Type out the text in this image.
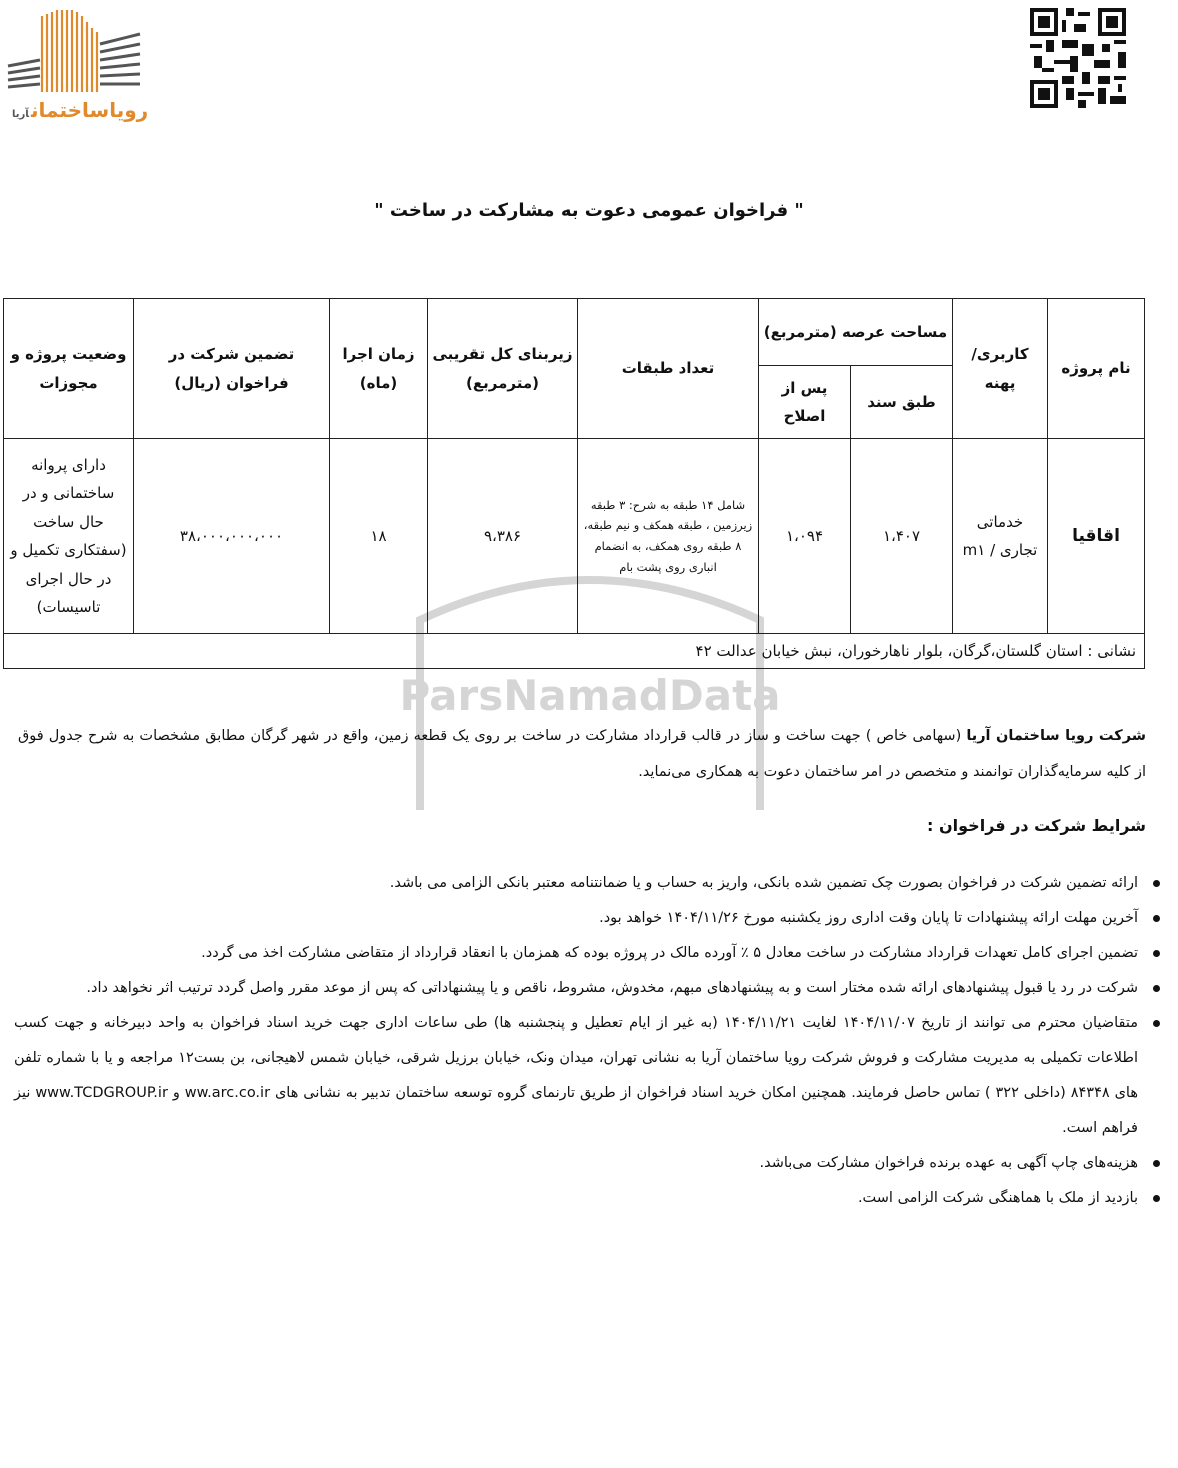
رویاساختمانآریا
" فراخوان عمومی دعوت به مشارکت در ساخت "
ParsNamadData
نام پروژه	کاربری/ پهنه	مساحت عرصه (مترمربع)		تعداد طبقات	زیربنای کل تقریبی (مترمربع)	زمان اجرا (ماه)	تضمین شرکت در فراخوان (ریال)	وضعیت پروژه و مجوزات
		طبق سند	پس از اصلاح					
اقاقیا	خدماتی تجاری / m۱	۱،۴۰۷	۱،۰۹۴	شامل ۱۴ طبقه به شرح: ۳ طبقه زیرزمین ، طبقه همکف و نیم طبقه، ۸ طبقه روی همکف، به انضمام انباری روی پشت بام	۹،۳۸۶	۱۸	۳۸،۰۰۰،۰۰۰،۰۰۰	دارای پروانه ساختمانی و در حال ساخت (سفتکاری تکمیل و در حال اجرای تاسیسات)
نشانی : استان گلستان،گرگان، بلوار ناهارخوران، نبش خیابان عدالت ۴۲								
شرکت رویا ساختمان آریا (سهامی خاص ) جهت ساخت و ساز در قالب قرارداد مشارکت در ساخت بر روی یک قطعه زمین، واقع در شهر گرگان مطابق مشخصات به شرح جدول فوق از کلیه سرمایه‌گذاران توانمند و متخصص در امر ساختمان دعوت به همکاری می‌نماید.
شرایط شرکت در فراخوان :
ارائه تضمین شرکت در فراخوان بصورت چک تضمین شده بانکی، واریز به حساب و یا ضمانتنامه معتبر بانکی الزامی می باشد.
آخرین مهلت ارائه پیشنهادات تا پایان وقت اداری روز یکشنبه مورخ ۱۴۰۴/۱۱/۲۶ خواهد بود.
تضمین اجرای کامل تعهدات قرارداد مشارکت در ساخت معادل ۵ ٪ آورده مالک در پروژه بوده که همزمان با انعقاد قرارداد از متقاضی مشارکت اخذ می گردد.
شرکت در رد یا قبول پیشنهادهای ارائه شده مختار است و به پیشنهادهای مبهم، مخدوش، مشروط، ناقص و یا پیشنهاداتی که پس از موعد مقرر واصل گردد ترتیب اثر نخواهد داد.
متقاضیان محترم می توانند از تاریخ ۱۴۰۴/۱۱/۰۷ لغایت ۱۴۰۴/۱۱/۲۱ (به غیر از ایام تعطیل و پنجشنبه ها) طی ساعات اداری جهت خرید اسناد فراخوان به واحد دبیرخانه و جهت کسب اطلاعات تکمیلی به مدیریت مشارکت و فروش شرکت رویا ساختمان آریا به نشانی تهران، میدان ونک، خیابان برزیل شرقی، خیابان شمس لاهیجانی، بن بست۱۲ مراجعه و یا با شماره تلفن های ۸۴۳۴۸ (داخلی ۳۲۲ ) تماس حاصل فرمایند. همچنین امکان خرید اسناد فراخوان از طریق تارنمای گروه توسعه ساختمان تدبیر به نشانی های ww.arc.co.ir و www.TCDGROUP.ir نیز فراهم است.
هزینه‌های چاپ آگهی به عهده برنده فراخوان مشارکت می‌باشد.
بازدید از ملک با هماهنگی شرکت الزامی است.
